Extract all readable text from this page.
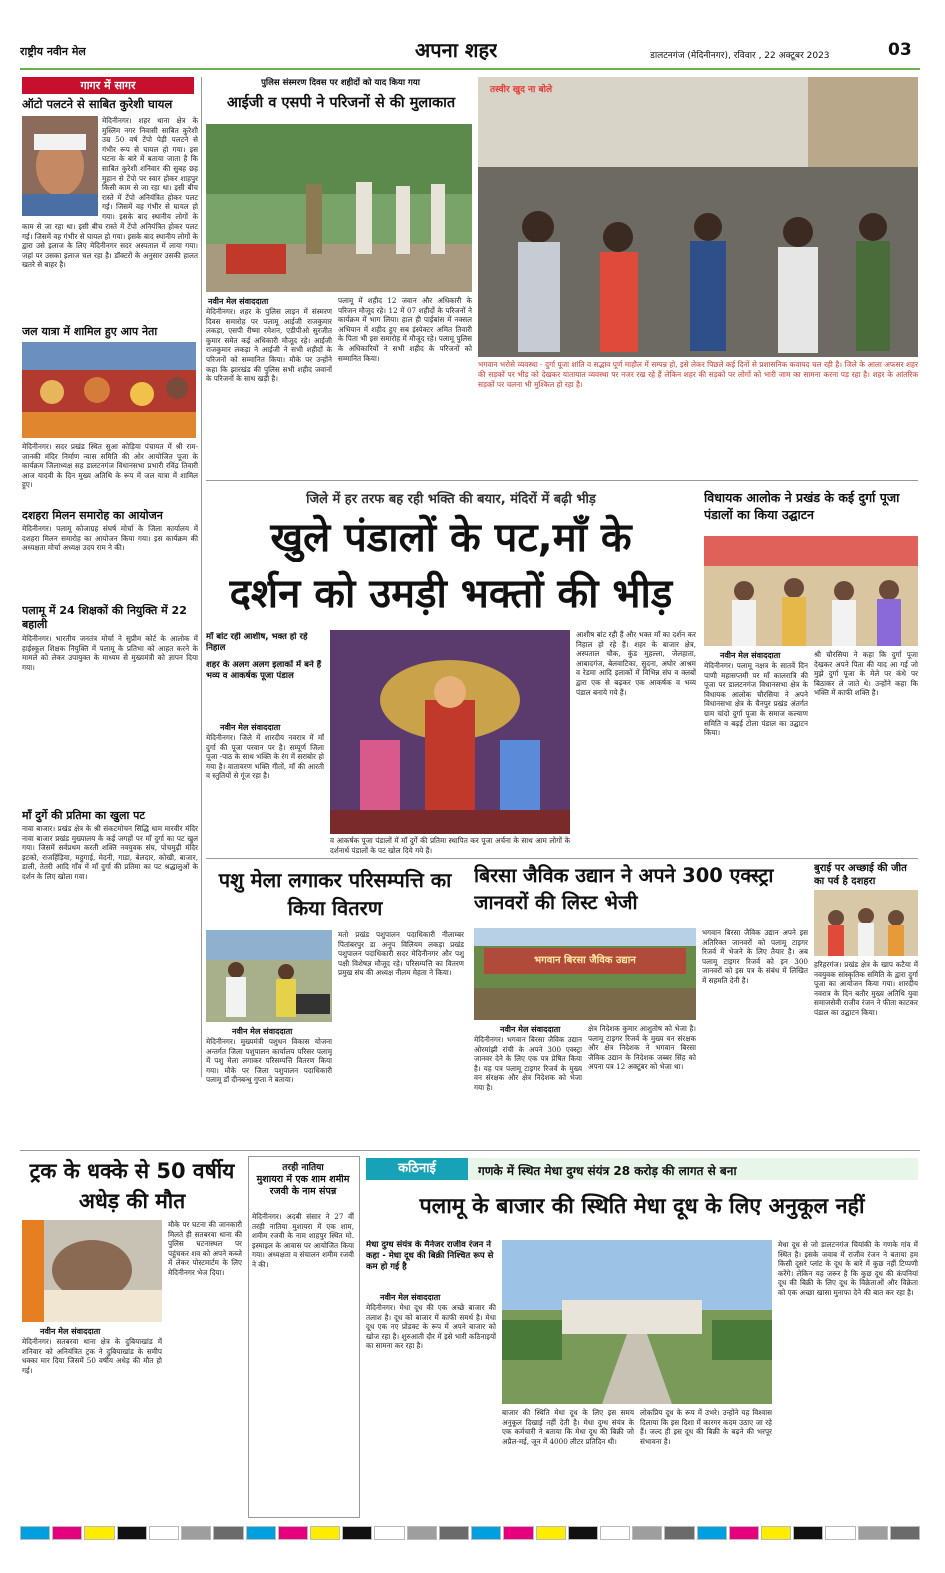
राष्ट्रीय नवीन मेल	अपना शहर	डालटनगंज (मेदिनीनगर), रविवार , 22 अक्टूबर 2023	03
गागर में सागर
ऑटो पलटने से साबित कुरेशी घायल
मेदिनीनगर। शहर थाना क्षेत्र के मुस्लिम नगर निवासी साबित कुरेशी उम्र 50 वर्ष टेंपो पेड़ी पलटने से गंभीर रूप से घायल हो गया। इस घटना के बारे में बताया जाता है कि साबित कुरेशी शनिवार की सुबह छह मुहान से टेंपो पर स्वार होकर शाहपुर किसी काम से जा रहा था। इसी बीच रास्ते में टेंपो अनियंत्रित होकर पलट गई। जिसमें वह गंभीर से घायल हो गया। इसके बाद स्थानीय लोगों के
काम से जा रहा था। इसी बीच रास्ते में टेंपो अनियंत्रित होकर पलट गई। जिसमें वह गंभीर से घायल हो गया। इसके बाद स्थानीय लोगों के द्वारा उसे इलाज के लिए मेदिनीनगर सदर अस्पताल में लाया गया। जहां पर उसका इलाज चल रहा है। डॉक्टरों के अनुसार उसकी हालत खतरे से बाहर है।
जल यात्रा में शामिल हुए आप नेता
मेदिनीनगर। सदर प्रखंड स्थित सुआ कोड़िया पंचायत में श्री राम-जानकी मंदिर निर्माण न्यास समिति की ओर आयोजित पूजा के कार्यक्रम जिलाध्यक्ष सह डालटनगंज विधानसभा प्रभारी रविंद्र तिवारी आज यादवी के दिन मुख्य अतिथि के रूप में जल यात्रा में शामिल हुए।
दशहरा मिलन समारोह का आयोजन
मेदिनीनगर। पलामू कोजाग्रह संघर्ष मोर्चा के जिला कार्यालय में दशहरा मिलन समारोह का आयोजन किया गया। इस कार्यक्रम की अध्यक्षता मोर्चा अध्यक्ष उदय राम ने की।
पलामू में 24 शिक्षकों की नियुक्ति में 22 बहाली
मेदिनीनगर। भारतीय जनतंत्र मोर्चा ने सुप्रीम कोर्ट के आलोक में हाईस्कूल शिक्षक नियुक्ति में पलामू के प्रतिभा को आहत करने के मामले को लेकर उपायुक्त के माध्यम से मुख्यमंत्री को ज्ञापन दिया गया।
माँ दुर्गे की प्रतिमा का खुला पट
नावा बाजार। प्रखंड क्षेत्र के श्री संकटमोचन सिद्धि धाम मारवीर मंदिर नावा बाजार प्रखंड मुख्यालय के कई जगहों पर माँ दुर्गा का पट खुल गया। जिसमें सर्वप्रथम करती शक्ति नवयुवक संघ, पोचमुढ़ी मंदिर इटको, राजहिंड़िया, महुगाई, मेदनी, गाडा, बेलदार, कोखी, बाजार, डाली, तेतरी आदि गाँव में माँ दुर्गा की प्रतिमा का पट श्रद्धालुओं के दर्शन के लिए खोला गया।
पुलिस संस्मरण दिवस पर शहीदों को याद किया गया
आईजी व एसपी ने परिजनों से की मुलाकात
नवीन मेल संवाददाता
मेदिनीनगर। शहर के पुलिस लाइन में संस्मरण दिवस समारोह पर पलामू आईजी राजकुमार लकड़ा, एसपी रीष्मा रमेशन, एडीपीओ सुरजीत कुमार समेत कई अधिकारी मौजूद रहे। आईजी राजकुमार लकड़ा ने आईजी ने सभी शहीदों के परिजनों को सम्मानित किया। मौके पर उन्होंने कहा कि झारखंड की पुलिस सभी शहीद जवानों के परिजनों के साथ खड़ी है।
पलामू में शहीद 12 जवान और अधिकारी के परिजन मौजूद रहे। 12 में 07 शहीदों के परिजनों ने कार्यक्रम में भाग लिया। हाल ही पाईबांस में नक्सल अभियान में शहीद हुए सब इंस्पेक्टर अमित तिवारी के पिता भी इस समारोह में मौजूद रहे। पलामू पुलिस के अधिकारियों ने सभी शहीद के परिजनों को सम्मानित किया।
तस्वीर खुद ना बोले
भगवान भरोसे व्यवस्था - दुर्गा पूजा शांति व सद्भाव पूर्ण माहौल में सम्पन्न हो, इसे लेकर पिछले कई दिनों से प्रशासनिक कवायद चल रही है। जिले के आला अफसर शहर की सड़कों पर भीड़ को देखकर यातायात व्यवस्था पर नजर रख रहे हैं लेकिन शहर की सड़कों पर लोगों को भारी जाम का सामना करना पड़ रहा है। शहर के आंतरिक सड़कों पर चलना भी मुश्किल हो रहा है।
जिले में हर तरफ बह रही भक्ति की बयार, मंदिरों में बढ़ी भीड़
खुले पंडालों के पट,माँ के
दर्शन को उमड़ी भक्तों की भीड़
माँ बांट रही आशीष, भक्त हो रहे निहाल
शहर के अलग अलग इलाकों में बने हैं भव्य व आकर्षक पूजा पंडाल
नवीन मेल संवाददाता
मेदिनीनगर। जिले में शारदीय नवरात्र में माँ दुर्गा की पूजा परवान पर है। सम्पूर्ण जिला पूजा -पाठ के साथ भक्ति के रंग में सराबोर हो गया है। वातावरण भक्ति गीतों, माँ की आरती व स्तुतियों से गूंज रहा है।
व आकर्षक पूजा पंडालों में माँ दुर्गे की प्रतिमा स्थापित कर पूजा अर्चना के साथ आम लोगों के दर्शनार्थ पंडालों के पट खोल दिये गये हैं।
आशीष बांट रही हैं और भक्त माँ का दर्शन कर निहाल हो रहे हैं। शहर के बाजार क्षेत्र, अस्पताल चौक, कुंड मुहल्ला, जेलहाता, आबादगंज, बेलवाटिका, सुदना, अघोर आश्रम व रेडमा आदि इलाकों में विभिन्न संघ व क्लबों द्वारा एक से बढ़कर एक आकर्षक व भव्य पंडाल बनाये गये हैं।
विधायक आलोक ने प्रखंड के कई दुर्गा पूजा पंडालों का किया उद्घाटन
नवीन मेल संवाददाता
मेदिनीनगर। पलामू नक्षत्र के सातवें दिन पाणी महासप्तमी पर माँ कालरात्रि की पूजा पर डालटनगंज विधानसभा क्षेत्र के विधायक आलोक चौरसिया ने अपने विधानसभा क्षेत्र के चैनपुर प्रखंड अंतर्गत ग्राम चांदो दुर्गा पूजा के समाज कल्याण समिति व बढ़ई टोला पंडाल का उद्घाटन किया।
श्री चौरसिया ने कहा कि दुर्गा पूजा देखकर अपने पिता की याद आ गई जो मुझे दुर्गा पूजा के मेले पर कंधे पर बिठाकर ले जाते थे। उन्होंने कहा कि भक्ति में काफी शक्ति है।
पशु मेला लगाकर परिसम्पत्ति का किया वितरण
नवीन मेल संवाददाता
मेदिनीनगर। मुख्यमंत्री पशुधन विकास योजना अन्तर्गत जिला पशुपालन कार्यालय परिसर पलामू में पशु मेला लगाकर परिसम्पत्ति वितरण किया गया। मौके पर जिला पशुपालन पदाधिकारी पलामू डॉ दीनबन्धु गुप्ता ने बताया।
मतो प्रखंड पशुपालन पदाधिकारी नीलाम्बर पितांबरपुर डा अनूप विलियम लकड़ा प्रखंड पशुपालन पदाधिकारी सदर मेदिनीनगर और पशु पक्षी विशेषज्ञ मौजूद रहे। परिसम्पत्ति का वितरण प्रमुख संघ की अध्यक्ष नीलम मेहता ने किया।
बिरसा जैविक उद्यान ने अपने 300 एक्स्ट्रा जानवरों की लिस्ट भेजी
भगवान बिरसा जैविक उद्यान
नवीन मेल संवाददाता
मेदिनीनगर। भगवान बिरसा जैविक उद्यान ओरमांझी रांची के अपने 300 एक्स्ट्रा जानवर देने के लिए एक पत्र प्रेषित किया है। यह पत्र पलामू टाइगर रिजर्व के मुख्य वन संरक्षक और क्षेत्र निदेशक को भेजा गया है।
क्षेत्र निदेशक कुमार आशुतोष को भेजा है। पलामू टाइगर रिजर्व के मुख्य वन संरक्षक और क्षेत्र निदेशक ने भगवान बिरसा जैविक उद्यान के निदेशक जब्बर सिंह को अपना पत्र 12 अक्टूबर को भेजा था।
भगवान बिरसा जैविक उद्यान अपने इस अतिरिक्त जानवरों को पलामू टाइगर रिजर्व में भेजने के लिए तैयार है। अब पलामू टाइगर रिजर्व को इन 300 जानवरों को इस पत्र के संबंध में लिखित में सहमति देनी है।
बुराई पर अच्छाई की जीत का पर्व है दशहरा
हरिहरगंज। प्रखंड क्षेत्र के खाप कटैया में नवयुवक सांस्कृतिक समिति के द्वारा दुर्गा पूजा का आयोजन किया गया। शारदीय नवरात्र के दिन बतौर मुख्य अतिथि युवा समाजसेवी राजीव रंजन ने फीता काटकर पंडाल का उद्घाटन किया।
ट्रक के धक्के से 50 वर्षीय अधेड़ की मौत
नवीन मेल संवाददाता
मेदिनीनगर। सतबरवा थाना क्षेत्र के दुबियाखांड में शनिवार को अनियंत्रित ट्रक ने दुबियाखांड के समीप धक्का मार दिया जिसमें 50 वर्षीय अधेड़ की मौत हो गई।
मौके पर घटना की जानकारी मिलते ही सतबरवा थाना की पुलिस घटनास्थल पर पहुंचकर शव को अपने कब्जे में लेकर पोस्टमार्टम के लिए मेदिनीनगर भेज दिया।
तरही नातिया
मुशायरा में एक शाम शमीम रजवी के नाम संपन्न
मेदिनीनगर। अदबी संसार ने 27 वीं तरही नातिया मुशायरा में एक शाम, शमीम रजवी के नाम शाहपुर स्थित मो. इस्माइल के आवास पर आयोजित किया गया। अध्यक्षता व संचालन शमीम रजवी ने की।
कठिनाई	गणके में स्थित मेधा दुग्ध संयंत्र 28 करोड़ की लागत से बना
पलामू के बाजार की स्थिति मेधा दूध के लिए अनुकूल नहीं
मेधा दुग्ध संयंत्र के मैनेजर राजीव रंजन ने कहा - मेधा दूध की बिक्री निश्चित रूप से कम हो गई है
नवीन मेल संवाददाता
मेदिनीनगर। मेधा दूध की एक अच्छे बाजार की तलाश है। दूध को बाजार में काफी समर्थ है। मेधा दूध एक नए प्रोडक्ट के रूप में अपने बाजार को खोज रहा है। शुरुआती दौर में इसे भारी कठिनाइयों का सामना कर रहा है।
बाजार की स्थिति मेधा दूध के लिए इस समय अनुकूल दिखाई नहीं देती है। मेधा दुग्ध संयंत्र के एक कर्मचारी ने बताया कि मेधा दूध की बिक्री जो अप्रैल-मई, जून में 4000 लीटर प्रतिदिन थी।
लोकप्रिय दूध के रूप में उभरे। उन्होंने यह विश्वास दिलाया कि इस दिशा में कारगर कदम उठाए जा रहे हैं। जल्द ही इस दूध की बिक्री के बढ़ने की भरपूर संभावना है।
मेधा दूध से जो डालटनगंज चियांकी के गणके गांव में स्थित है। इसके जवाब में राजीव रंजन ने बताया हम किसी दूसरे प्लांट के दूध के बारे में कुछ नहीं टिप्पणी करेंगे। लेकिन यह जरूर है कि कुछ दूध की कंपनियां दूध की बिक्री के लिए दूध के विक्रेताओं और विक्रेता को एक अच्छा खासा मुनाफा देने की बात कर रहा है।
